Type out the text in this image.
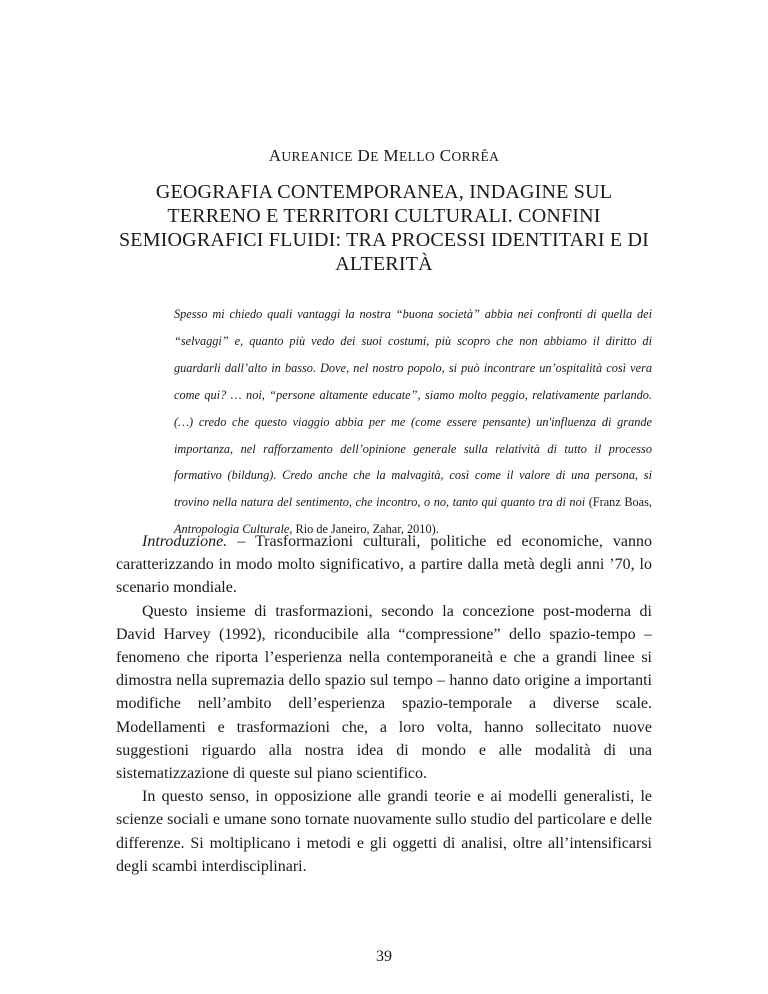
AUREANICE DE MELLO CORRÊA
GEOGRAFIA CONTEMPORANEA, INDAGINE SUL TERRENO E TERRITORI CULTURALI. CONFINI SEMIOGRAFICI FLUIDI: TRA PROCESSI IDENTITARI E DI ALTERITÀ
Spesso mi chiedo quali vantaggi la nostra “buona società” abbia nei confronti di quella dei “selvaggi” e, quanto più vedo dei suoi costumi, più scopro che non abbiamo il diritto di guardarli dall’alto in basso. Dove, nel nostro popolo, si può incontrare un’ospitalità così vera come qui? … noi, “persone altamente educate”, siamo molto peggio, relativamente parlando. (…) credo che questo viaggio abbia per me (come essere pensante) un'influenza di grande importanza, nel rafforzamento dell’opinione generale sulla relatività di tutto il processo formativo (bildung). Credo anche che la malvagità, così come il valore di una persona, si trovino nella natura del sentimento, che incontro, o no, tanto qui quanto tra di noi (Franz Boas, Antropologia Culturale, Rio de Janeiro, Zahar, 2010).

Introduzione. – Trasformazioni culturali, politiche ed economiche, vanno caratterizzando in modo molto significativo, a partire dalla metà degli anni ’70, lo scenario mondiale.

Questo insieme di trasformazioni, secondo la concezione post-moderna di David Harvey (1992), riconducibile alla “compressione” dello spazio-tempo – fenomeno che riporta l’esperienza nella contemporaneità e che a grandi linee si dimostra nella supremazia dello spazio sul tempo – hanno dato origine a importanti modifiche nell’ambito dell’esperienza spazio-temporale a diverse scale. Modellamenti e trasformazioni che, a loro volta, hanno sollecitato nuove suggestioni riguardo alla nostra idea di mondo e alle modalità di una sistematizzazione di queste sul piano scientifico.

In questo senso, in opposizione alle grandi teorie e ai modelli generalisti, le scienze sociali e umane sono tornate nuovamente sullo studio del particolare e delle differenze. Si moltiplicano i metodi e gli oggetti di analisi, oltre all’intensificarsi degli scambi interdisciplinari.

39
